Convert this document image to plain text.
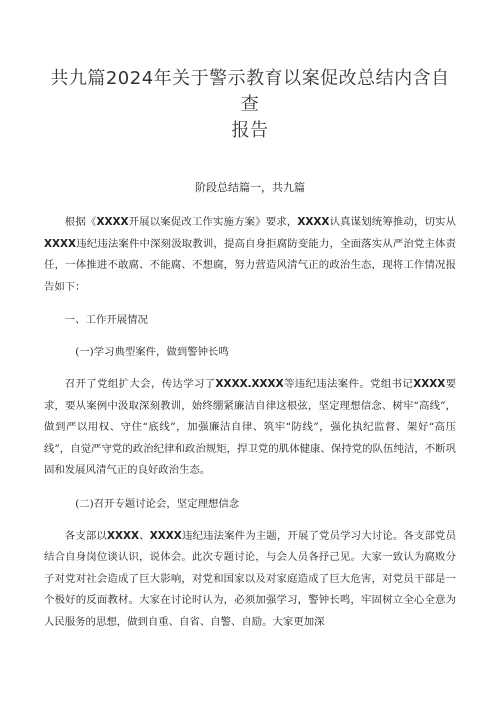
共九篇2024年关于警示教育以案促改总结内含自查
报告

阶段总结篇一，共九篇

根据《XXXX开展以案促改工作实施方案》要求，XXXX认真谋划统筹推动，切实从XXXX违纪违法案件中深刻汲取教训，提高自身拒腐防变能力，全面落实从严治党主体责任，一体推进不敢腐、不能腐、不想腐，努力营造风清气正的政治生态，现将工作情况报告如下：

一、工作开展情况

(一)学习典型案件，做到警钟长鸣

召开了党组扩大会，传达学习了XXXX.XXXX等违纪违法案件。党组书记XXXX要求，要从案例中汲取深刻教训，始终绷紧廉洁自律这根弦，坚定理想信念、树牢“高线”，做到严以用权、守住“底线”，加强廉洁自律、筑牢“防线”，强化执纪监督、架好“高压线”，自觉严守党的政治纪律和政治规矩，捍卫党的肌体健康、保持党的队伍纯洁，不断巩固和发展风清气正的良好政治生态。

(二)召开专题讨论会，坚定理想信念

各支部以XXXX、XXXX违纪违法案件为主题，开展了党员学习大讨论。各支部党员结合自身岗位谈认识，说体会。此次专题讨论，与会人员各抒己见。大家一致认为腐败分子对党对社会造成了巨大影响，对党和国家以及对家庭造成了巨大危害，对党员干部是一个极好的反面教材。大家在讨论时认为，必须加强学习，警钟长鸣，牢固树立全心全意为人民服务的思想，做到自重、自省、自警、自励。大家更加深
